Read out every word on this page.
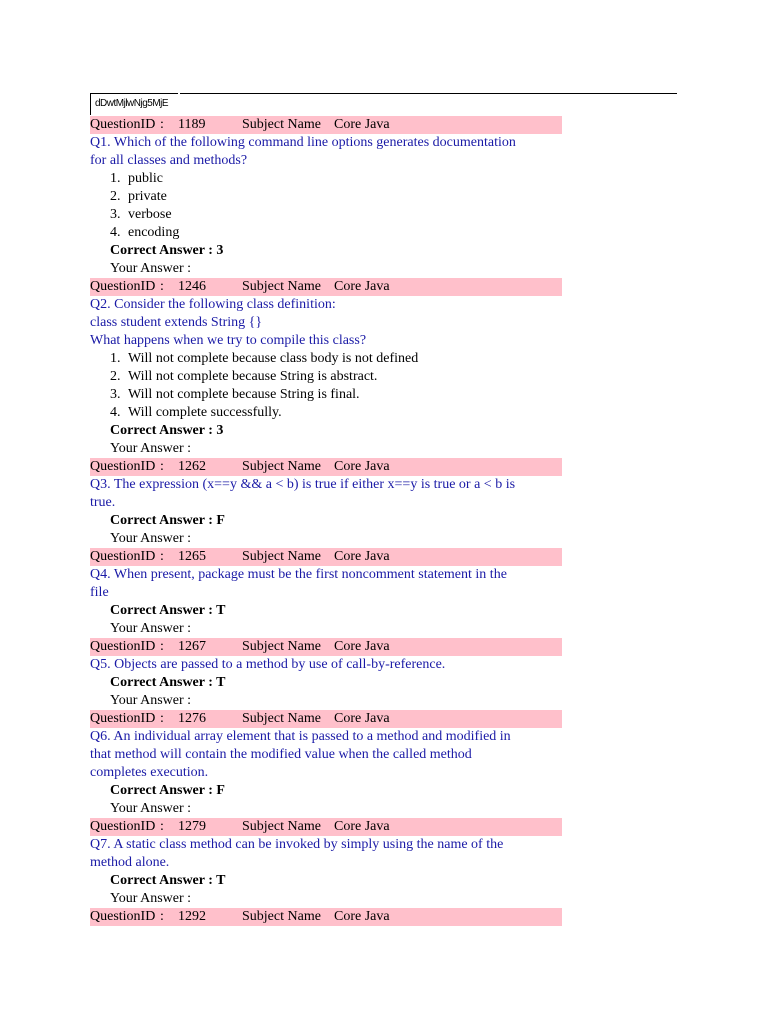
dDwtMjlwNjg5MjE
QuestionID : 1189	Subject Name Core Java
Q1. Which of the following command line options generates documentation
for all classes and methods?
1. public
2. private
3. verbose
4. encoding
Correct Answer : 3
Your Answer :
QuestionID : 1246	Subject Name Core Java
Q2. Consider the following class definition:
class student extends String {}
What happens when we try to compile this class?
1. Will not complete because class body is not defined
2. Will not complete because String is abstract.
3. Will not complete because String is final.
4. Will complete successfully.
Correct Answer : 3
Your Answer :
QuestionID : 1262	Subject Name Core Java
Q3. The expression (x==y && a < b) is true if either x==y is true or a < b is
true.
Correct Answer : F
Your Answer :
QuestionID : 1265	Subject Name Core Java
Q4. When present, package must be the first noncomment statement in the
file
Correct Answer : T
Your Answer :
QuestionID : 1267	Subject Name Core Java
Q5. Objects are passed to a method by use of call-by-reference.
Correct Answer : T
Your Answer :
QuestionID : 1276	Subject Name Core Java
Q6. An individual array element that is passed to a method and modified in
that method will contain the modified value when the called method
completes execution.
Correct Answer : F
Your Answer :
QuestionID : 1279	Subject Name Core Java
Q7. A static class method can be invoked by simply using the name of the
method alone.
Correct Answer : T
Your Answer :
QuestionID : 1292	Subject Name Core Java
